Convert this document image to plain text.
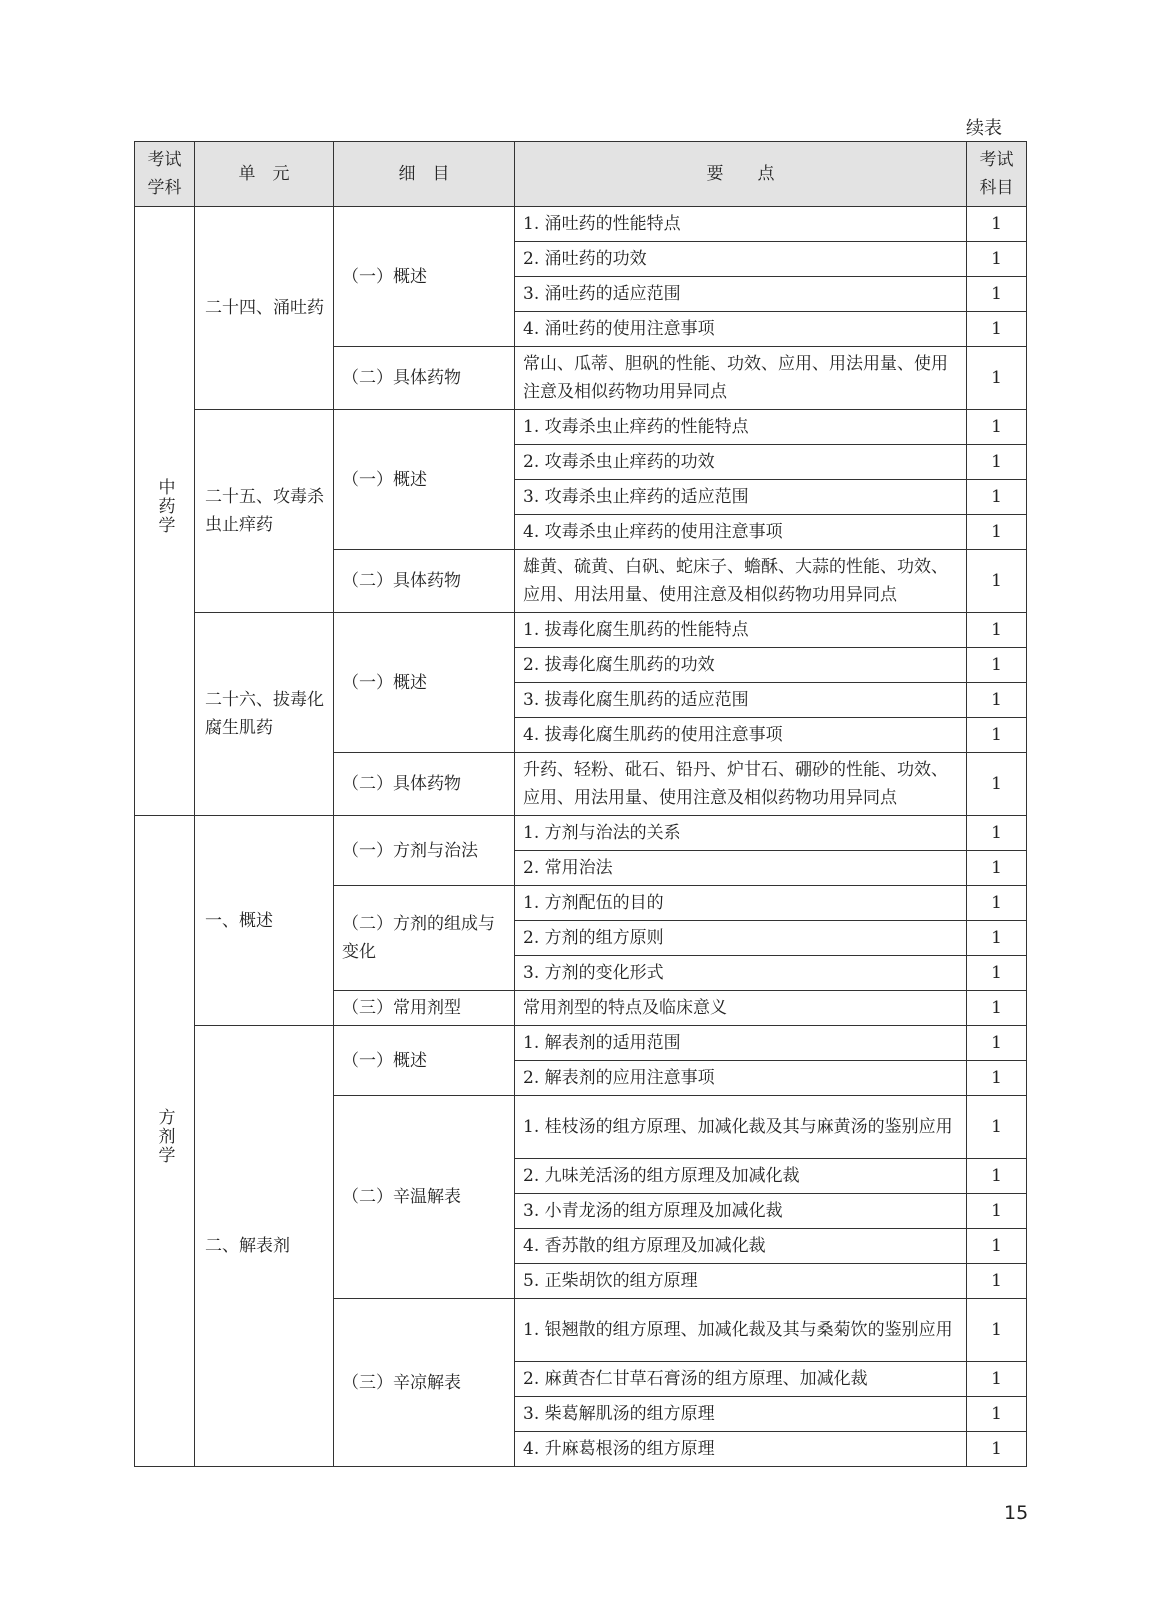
续表
考试学科	单　元	细　目	要　　点	考试科目
中药学	二十四、涌吐药	（一）概述	1. 涌吐药的性能特点	1
			2. 涌吐药的功效	1
			3. 涌吐药的适应范围	1
			4. 涌吐药的使用注意事项	1
		（二）具体药物	常山、瓜蒂、胆矾的性能、功效、应用、用法用量、使用注意及相似药物功用异同点	1
	二十五、攻毒杀虫止痒药	（一）概述	1. 攻毒杀虫止痒药的性能特点	1
			2. 攻毒杀虫止痒药的功效	1
			3. 攻毒杀虫止痒药的适应范围	1
			4. 攻毒杀虫止痒药的使用注意事项	1
		（二）具体药物	雄黄、硫黄、白矾、蛇床子、蟾酥、大蒜的性能、功效、应用、用法用量、使用注意及相似药物功用异同点	1
	二十六、拔毒化腐生肌药	（一）概述	1. 拔毒化腐生肌药的性能特点	1
			2. 拔毒化腐生肌药的功效	1
			3. 拔毒化腐生肌药的适应范围	1
			4. 拔毒化腐生肌药的使用注意事项	1
		（二）具体药物	升药、轻粉、砒石、铅丹、炉甘石、硼砂的性能、功效、应用、用法用量、使用注意及相似药物功用异同点	1
方剂学	一、概述	（一）方剂与治法	1. 方剂与治法的关系	1
			2. 常用治法	1
		（二）方剂的组成与变化	1. 方剂配伍的目的	1
			2. 方剂的组方原则	1
			3. 方剂的变化形式	1
		（三）常用剂型	常用剂型的特点及临床意义	1
	二、解表剂	（一）概述	1. 解表剂的适用范围	1
			2. 解表剂的应用注意事项	1
		（二）辛温解表	1. 桂枝汤的组方原理、加减化裁及其与麻黄汤的鉴别应用	1
			2. 九味羌活汤的组方原理及加减化裁	1
			3. 小青龙汤的组方原理及加减化裁	1
			4. 香苏散的组方原理及加减化裁	1
			5. 正柴胡饮的组方原理	1
		（三）辛凉解表	1. 银翘散的组方原理、加减化裁及其与桑菊饮的鉴别应用	1
			2. 麻黄杏仁甘草石膏汤的组方原理、加减化裁	1
			3. 柴葛解肌汤的组方原理	1
			4. 升麻葛根汤的组方原理	1
15
